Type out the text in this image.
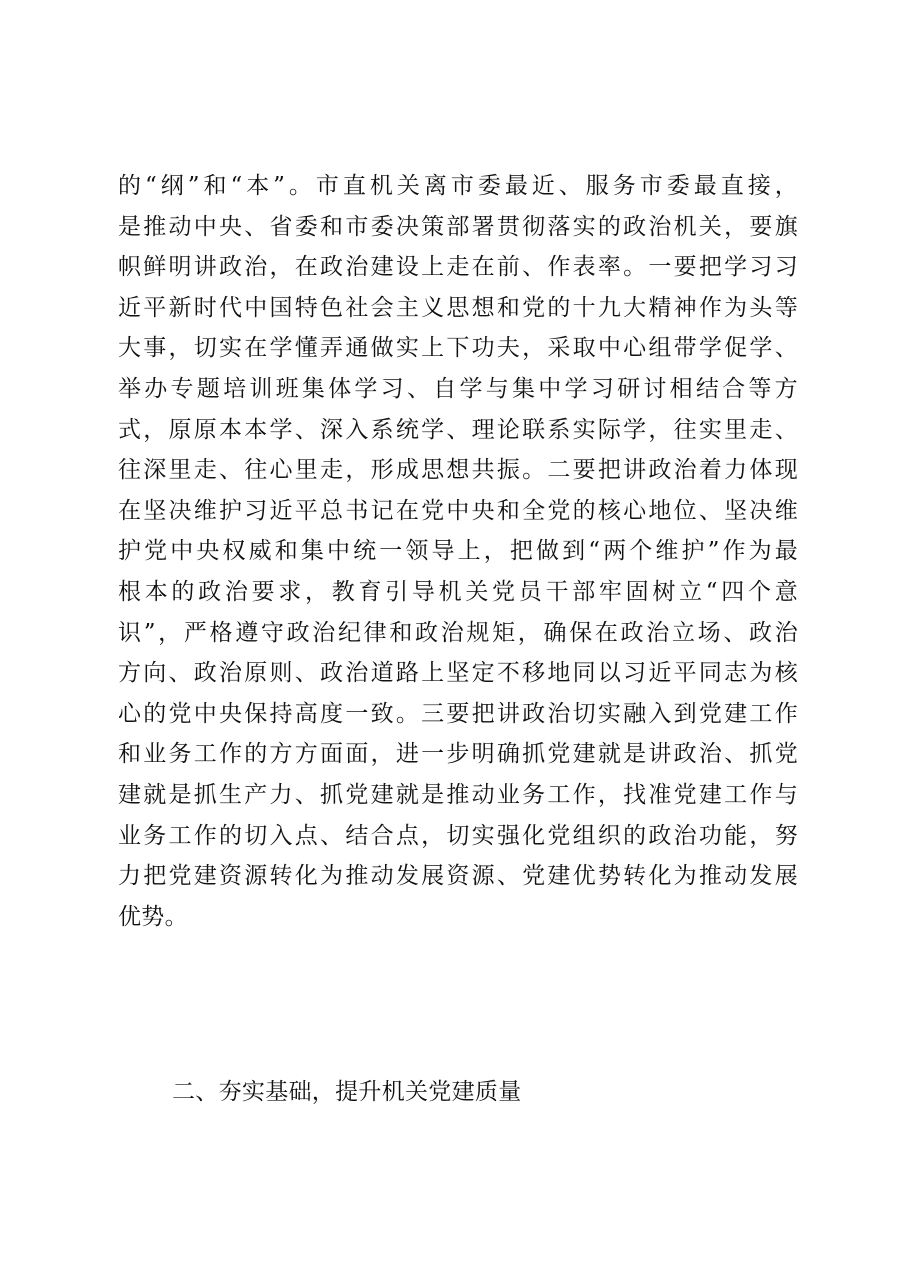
的“纲”和“本”。市直机关离市委最近、服务市委最直接，
是推动中央、省委和市委决策部署贯彻落实的政治机关，要旗
帜鲜明讲政治，在政治建设上走在前、作表率。一要把学习习
近平新时代中国特色社会主义思想和党的十九大精神作为头等
大事，切实在学懂弄通做实上下功夫，采取中心组带学促学、
举办专题培训班集体学习、自学与集中学习研讨相结合等方
式，原原本本学、深入系统学、理论联系实际学，往实里走、
往深里走、往心里走，形成思想共振。二要把讲政治着力体现
在坚决维护习近平总书记在党中央和全党的核心地位、坚决维
护党中央权威和集中统一领导上，把做到“两个维护”作为最
根本的政治要求，教育引导机关党员干部牢固树立“四个意
识”，严格遵守政治纪律和政治规矩，确保在政治立场、政治
方向、政治原则、政治道路上坚定不移地同以习近平同志为核
心的党中央保持高度一致。三要把讲政治切实融入到党建工作
和业务工作的方方面面，进一步明确抓党建就是讲政治、抓党
建就是抓生产力、抓党建就是推动业务工作，找准党建工作与
业务工作的切入点、结合点，切实强化党组织的政治功能，努
力把党建资源转化为推动发展资源、党建优势转化为推动发展
优势。
二、夯实基础，提升机关党建质量
